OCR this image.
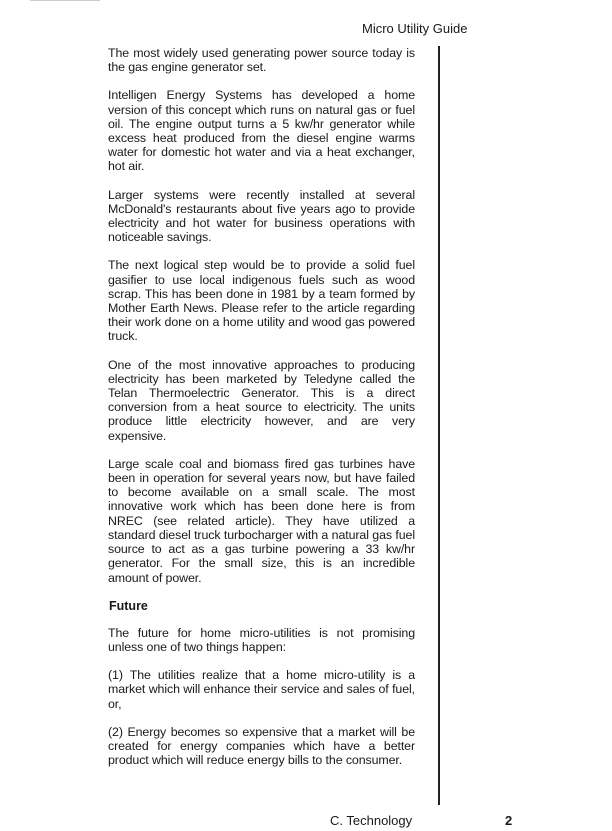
Micro Utility Guide

The most widely used generating power source today is the gas engine generator set.

Intelligen Energy Systems has developed a home version of this concept which runs on natural gas or fuel oil. The engine output turns a 5 kw/hr generator while excess heat produced from the diesel engine warms water for domestic hot water and via a heat exchanger, hot air.

Larger systems were recently installed at several McDonald's restaurants about five years ago to provide electricity and hot water for business operations with noticeable savings.

The next logical step would be to provide a solid fuel gasifier to use local indigenous fuels such as wood scrap. This has been done in 1981 by a team formed by Mother Earth News. Please refer to the article regarding their work done on a home utility and wood gas powered truck.

One of the most innovative approaches to producing electricity has been marketed by Teledyne called the Telan Thermoelectric Generator. This is a direct conversion from a heat source to electricity. The units produce little electricity however, and are very expensive.

Large scale coal and biomass fired gas turbines have been in operation for several years now, but have failed to become available on a small scale. The most innovative work which has been done here is from NREC (see related article). They have utilized a standard diesel truck turbocharger with a natural gas fuel source to act as a gas turbine powering a 33 kw/hr generator. For the small size, this is an incredible amount of power.

Future

The future for home micro-utilities is not promising unless one of two things happen:

(1) The utilities realize that a home micro-utility is a market which will enhance their service and sales of fuel, or,

(2) Energy becomes so expensive that a market will be created for energy companies which have a better product which will reduce energy bills to the consumer.

C. Technology	2
